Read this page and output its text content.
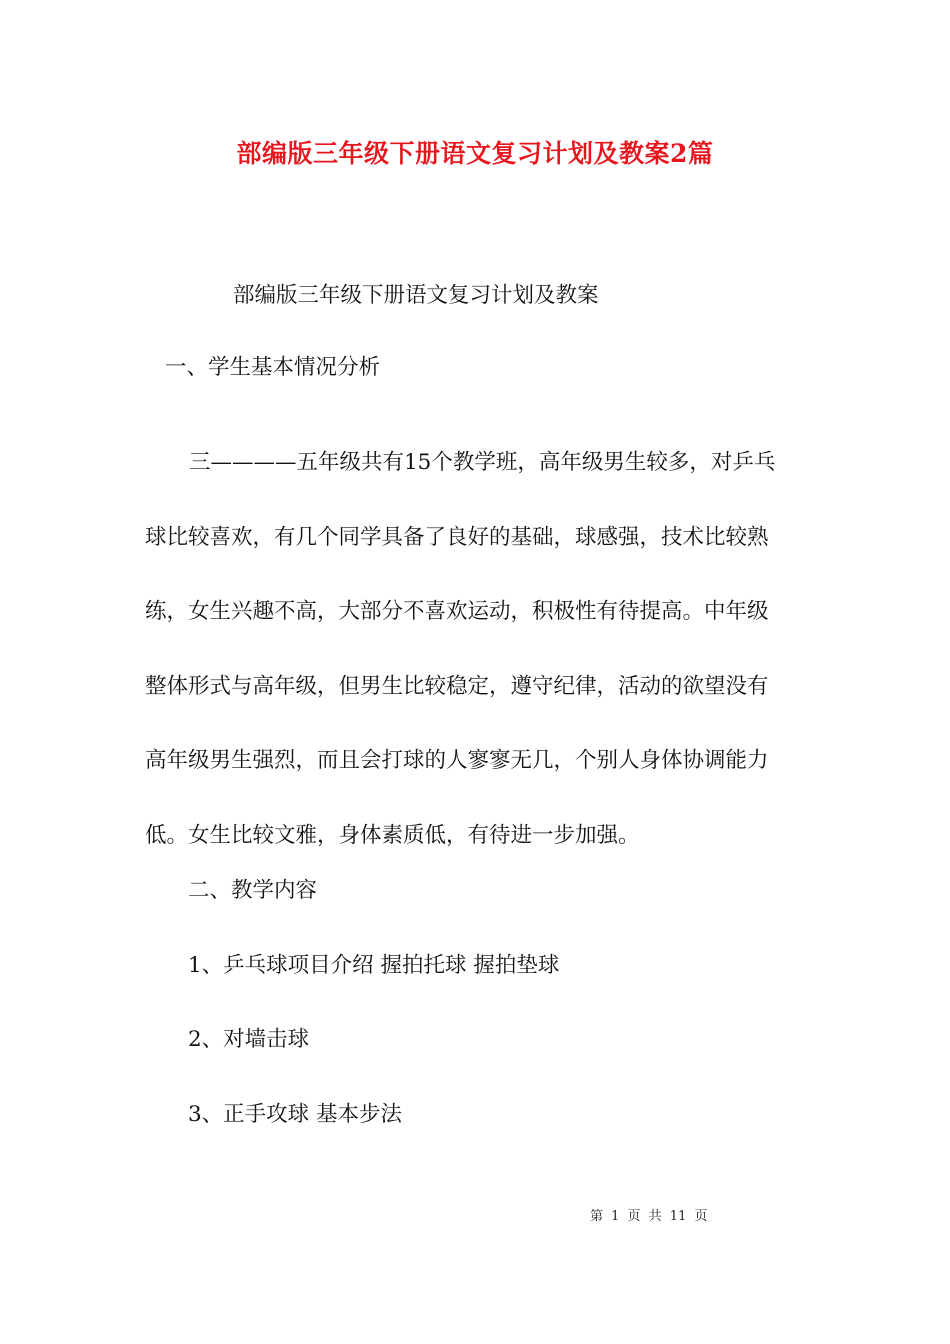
部编版三年级下册语文复习计划及教案2篇
部编版三年级下册语文复习计划及教案
一、学生基本情况分析

三————五年级共有15个教学班，高年级男生较多，对乒乓
球比较喜欢，有几个同学具备了良好的基础，球感强，技术比较熟
练，女生兴趣不高，大部分不喜欢运动，积极性有待提高。中年级
整体形式与高年级，但男生比较稳定，遵守纪律，活动的欲望没有
高年级男生强烈，而且会打球的人寥寥无几，个别人身体协调能力
低。女生比较文雅，身体素质低，有待进一步加强。

二、教学内容
1、乒乓球项目介绍 握拍托球 握拍垫球
2、对墙击球
3、正手攻球 基本步法
第 1 页 共 11 页
